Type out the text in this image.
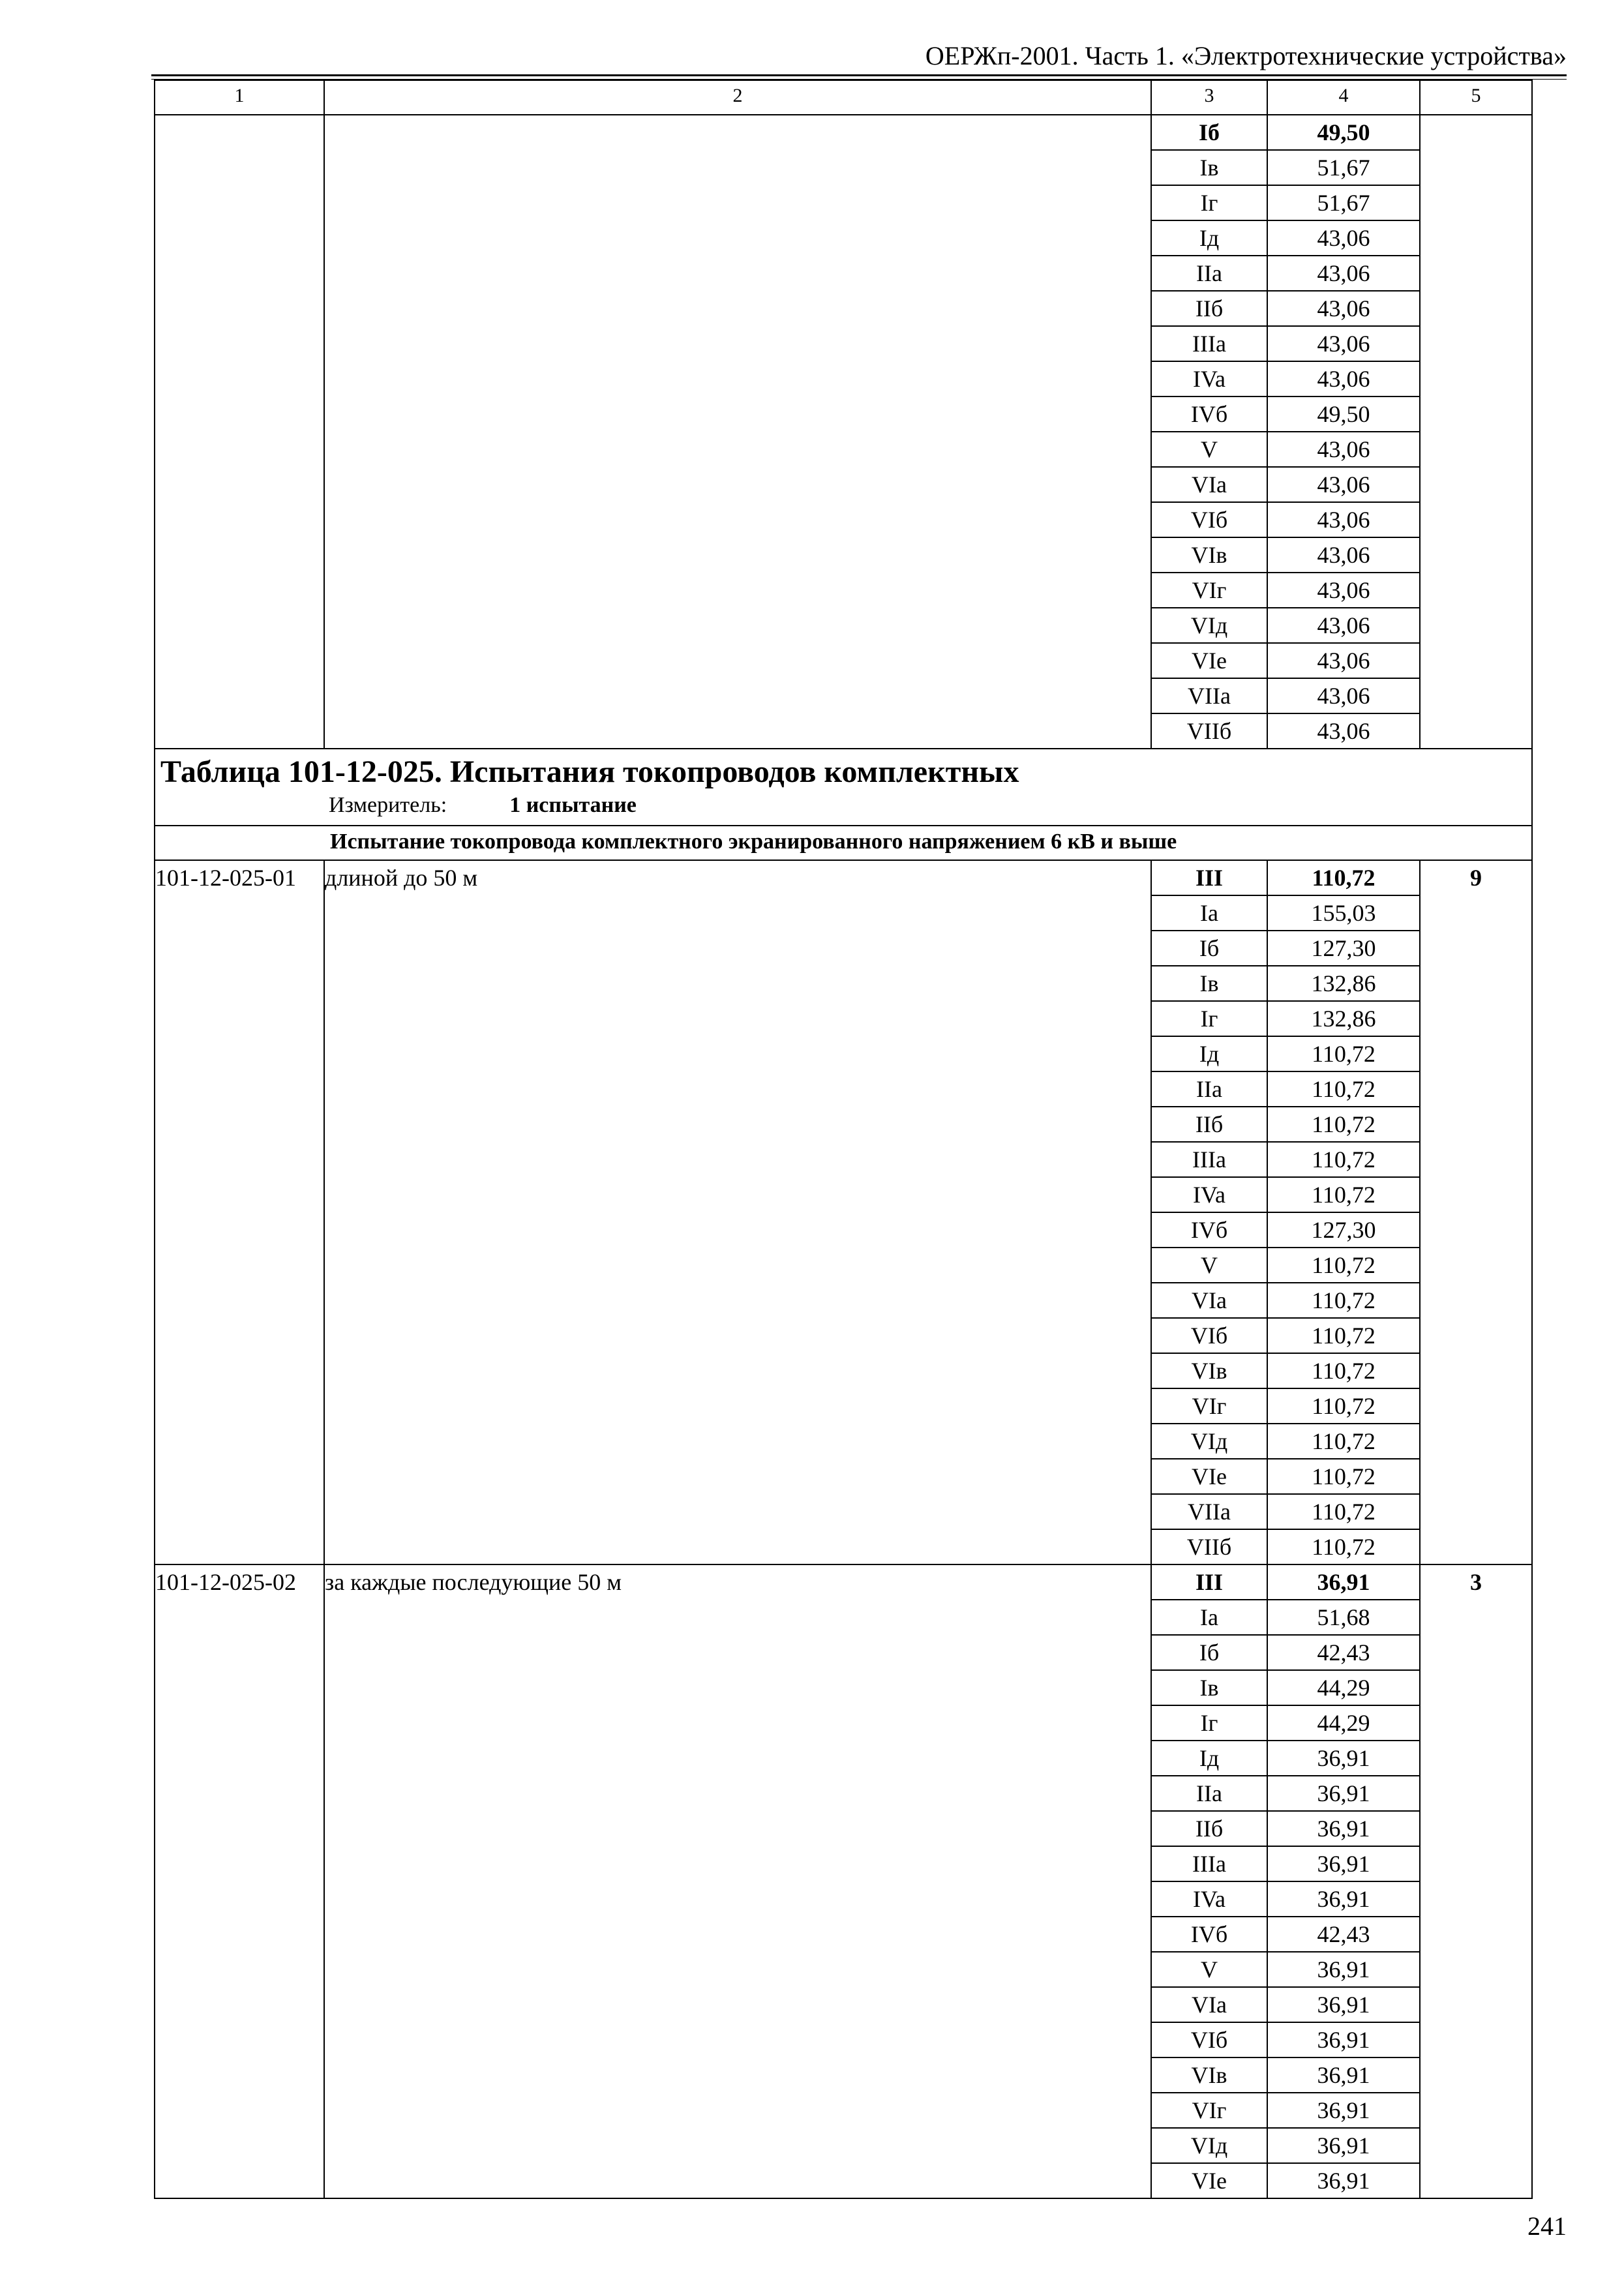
ОЕРЖп-2001. Часть 1. «Электротехнические устройства»
1	2	3	4	5
		Iб	49,50	
		Iв	51,67	
		Iг	51,67	
		Iд	43,06	
		IIa	43,06	
		IIб	43,06	
		IIIa	43,06	
		IVa	43,06	
		IVб	49,50	
		V	43,06	
		VIa	43,06	
		VIб	43,06	
		VIв	43,06	
		VIг	43,06	
		VIд	43,06	
		VIe	43,06	
		VIIa	43,06	
		VIIб	43,06	

Таблица 101-12-025. Испытания токопроводов комплектных
Измеритель: 1 испытание				

Испытание токопровода комплектного экранированного напряжением 6 кВ и выше				
101-12-025-01	длиной до 50 м	III	110,72	9
		Ia	155,03	
		Iб	127,30	
		Iв	132,86	
		Iг	132,86	
		Iд	110,72	
		IIa	110,72	
		IIб	110,72	
		IIIa	110,72	
		IVa	110,72	
		IVб	127,30	
		V	110,72	
		VIa	110,72	
		VIб	110,72	
		VIв	110,72	
		VIг	110,72	
		VIд	110,72	
		VIe	110,72	
		VIIa	110,72	
		VIIб	110,72	
101-12-025-02	за каждые последующие 50 м	III	36,91	3
		Ia	51,68	
		Iб	42,43	
		Iв	44,29	
		Iг	44,29	
		Iд	36,91	
		IIa	36,91	
		IIб	36,91	
		IIIa	36,91	
		IVa	36,91	
		IVб	42,43	
		V	36,91	
		VIa	36,91	
		VIб	36,91	
		VIв	36,91	
		VIг	36,91	
		VIд	36,91	
		VIe	36,91	
241
